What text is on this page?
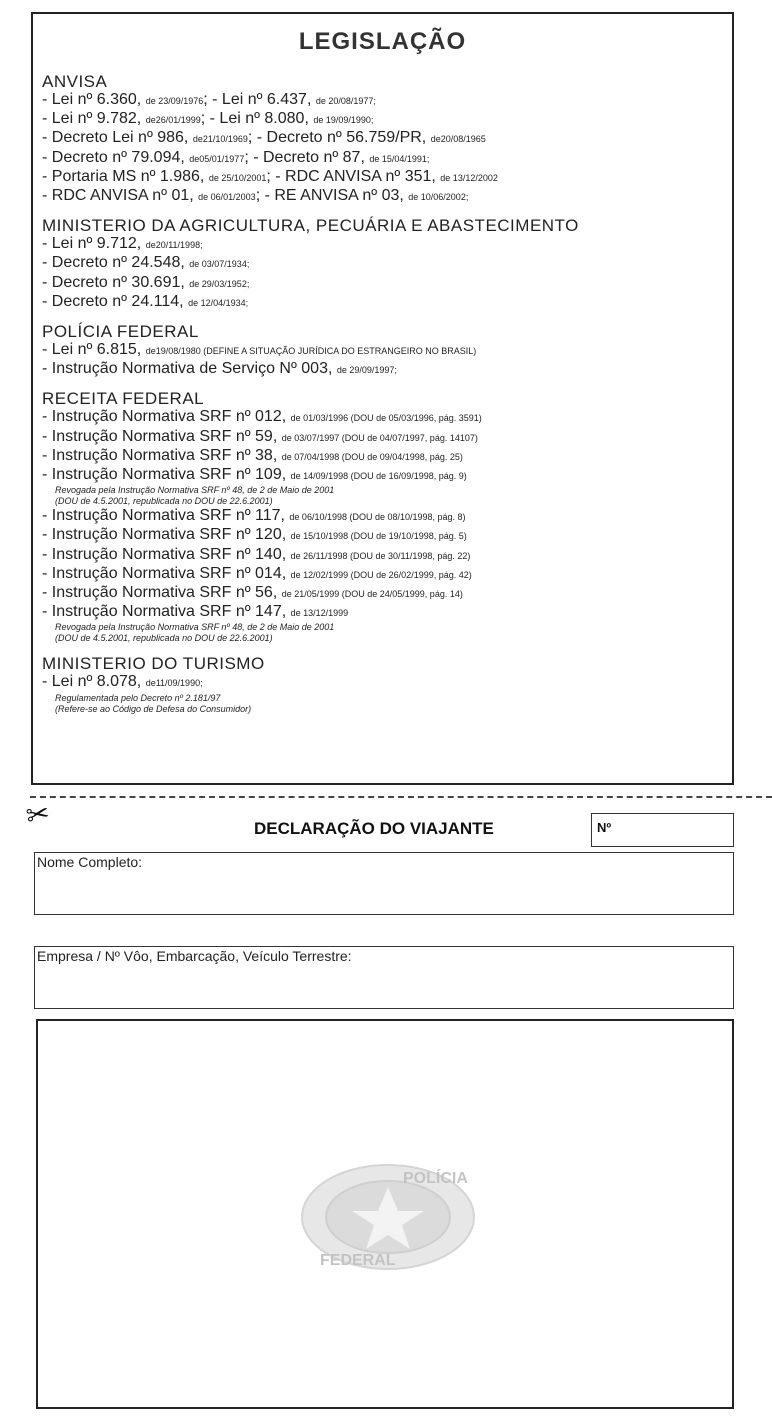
LEGISLAÇÃO
ANVISA
- Lei nº 6.360, de 23/09/1976; - Lei nº 6.437, de 20/08/1977;
- Lei nº 9.782, de26/01/1999; - Lei nº 8.080, de 19/09/1990;
- Decreto Lei nº 986, de21/10/1969; - Decreto nº 56.759/PR, de20/08/1965
- Decreto nº 79.094, de05/01/1977; - Decreto nº 87, de 15/04/1991;
- Portaria MS nº 1.986, de 25/10/2001; - RDC ANVISA nº 351, de 13/12/2002
- RDC ANVISA nº 01, de 06/01/2003; - RE ANVISA nº 03, de 10/06/2002;
MINISTERIO DA AGRICULTURA, PECUÁRIA E ABASTECIMENTO
- Lei nº 9.712, de20/11/1998;
- Decreto nº 24.548, de 03/07/1934;
- Decreto nº 30.691, de 29/03/1952;
- Decreto nº 24.114, de 12/04/1934;
POLÍCIA FEDERAL
- Lei nº 6.815, de19/08/1980 (DEFINE A SITUAÇÃO JURÍDICA DO ESTRANGEIRO NO BRASIL)
- Instrução Normativa de Serviço Nº 003, de 29/09/1997;
RECEITA FEDERAL
- Instrução Normativa SRF nº 012, de 01/03/1996 (DOU de 05/03/1996, pág. 3591)
- Instrução Normativa SRF nº 59, de 03/07/1997 (DOU de 04/07/1997, pág. 14107)
- Instrução Normativa SRF nº 38, de 07/04/1998 (DOU de 09/04/1998, pág. 25)
- Instrução Normativa SRF nº 109, de 14/09/1998 (DOU de 16/09/1998, pág. 9)
Revogada pela Instrução Normativa SRF nº 48, de 2 de Maio de 2001
(DOU de 4.5.2001, republicada no DOU de 22.6.2001)
- Instrução Normativa SRF nº 117, de 06/10/1998 (DOU de 08/10/1998, pág. 8)
- Instrução Normativa SRF nº 120, de 15/10/1998 (DOU de 19/10/1998, pág. 5)
- Instrução Normativa SRF nº 140, de 26/11/1998 (DOU de 30/11/1998, pág. 22)
- Instrução Normativa SRF nº 014, de 12/02/1999 (DOU de 26/02/1999, pág. 42)
- Instrução Normativa SRF nº 56, de 21/05/1999 (DOU de 24/05/1999, pág. 14)
- Instrução Normativa SRF nº 147, de 13/12/1999
Revogada pela Instrução Normativa SRF nº 48, de 2 de Maio de 2001
(DOU de 4.5.2001, republicada no DOU de 22.6.2001)
MINISTERIO DO TURISMO
- Lei nº 8.078, de11/09/1990;
Regulamentada pelo Decreto nº 2.181/97
(Refere-se ao Código de Defesa do Consumidor)
✂	DECLARAÇÃO DO VIAJANTE	Nº
Nome Completo:
Empresa / Nº Vôo, Embarcação, Veículo Terrestre:
POLÍCIA
FEDERAL
